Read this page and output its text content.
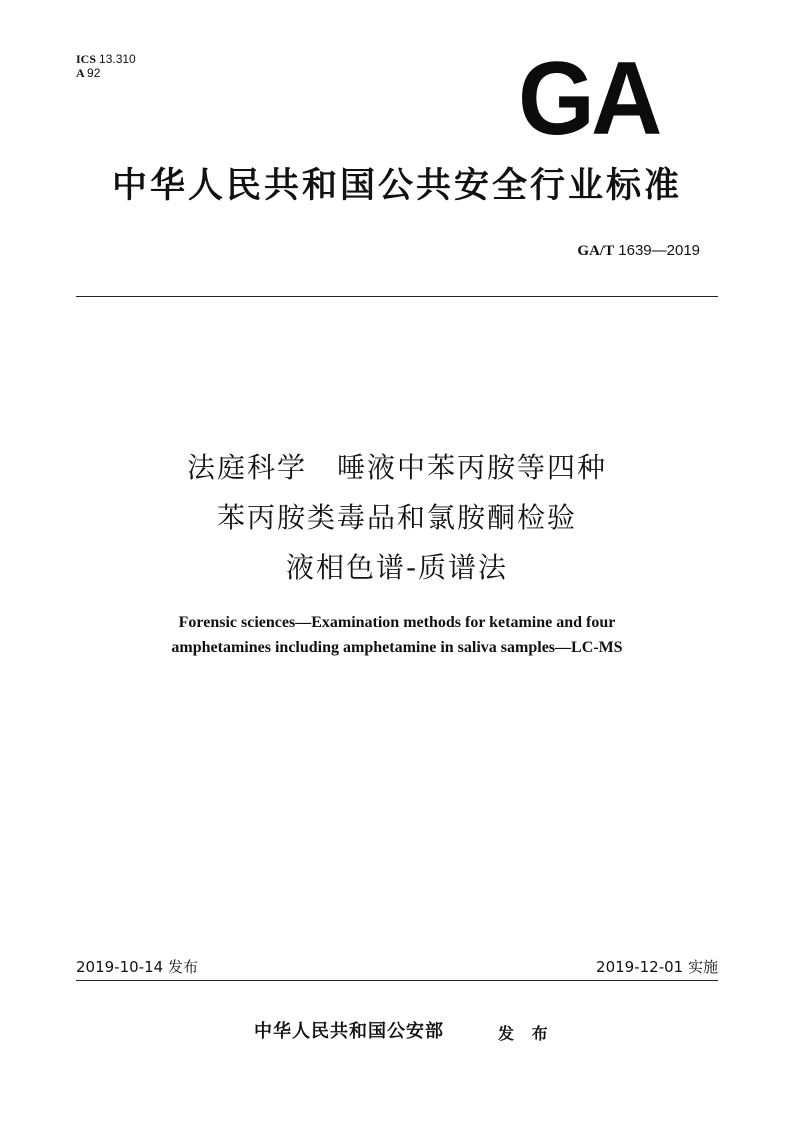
ICS 13.310
A 92	GA
中华人民共和国公共安全行业标准
GA/T 1639—2019
法庭科学　唾液中苯丙胺等四种
苯丙胺类毒品和氯胺酮检验
液相色谱-质谱法
Forensic sciences—Examination methods for ketamine and four
amphetamines including amphetamine in saliva samples—LC-MS
2019-10-14 发布	2019-12-01 实施
中华人民共和国公安部	发 布
